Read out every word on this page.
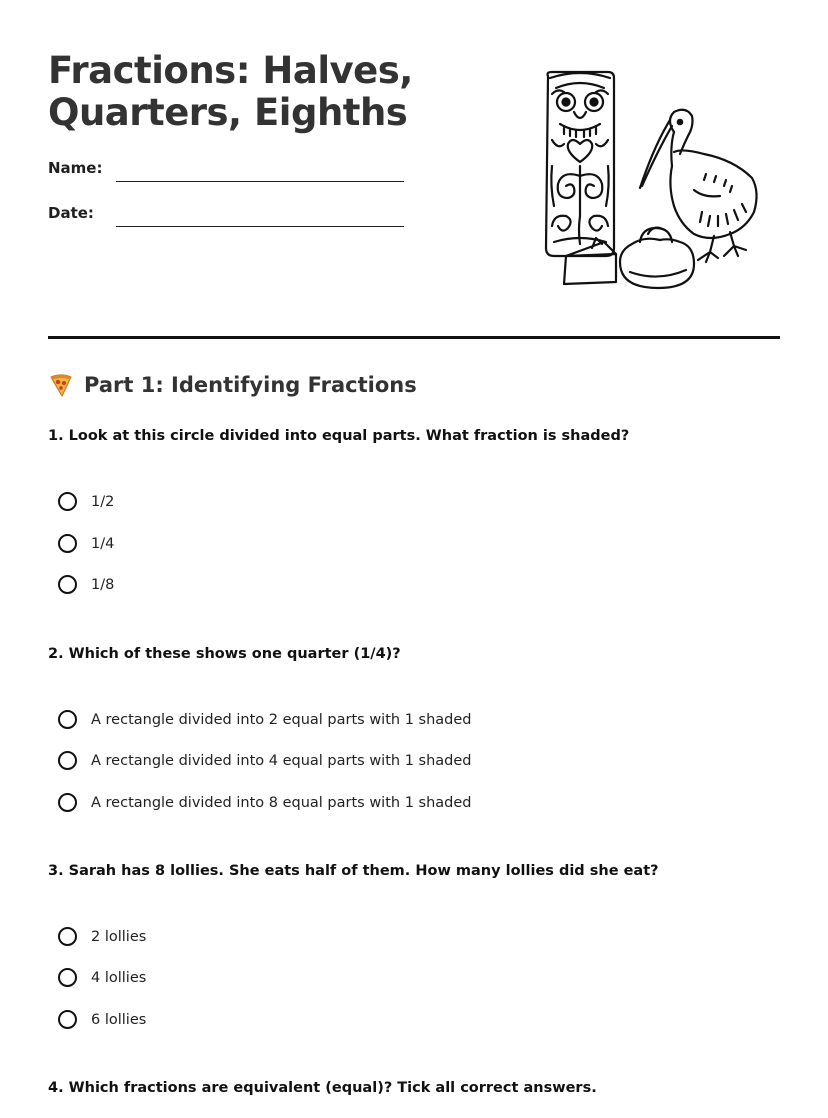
Fractions: Halves,
Quarters, Eighths
Name:
Date:
Part 1: Identifying Fractions
1. Look at this circle divided into equal parts. What fraction is shaded?
1/2
1/4
1/8
2. Which of these shows one quarter (1/4)?
A rectangle divided into 2 equal parts with 1 shaded
A rectangle divided into 4 equal parts with 1 shaded
A rectangle divided into 8 equal parts with 1 shaded
3. Sarah has 8 lollies. She eats half of them. How many lollies did she eat?
2 lollies
4 lollies
6 lollies
4. Which fractions are equivalent (equal)? Tick all correct answers.
